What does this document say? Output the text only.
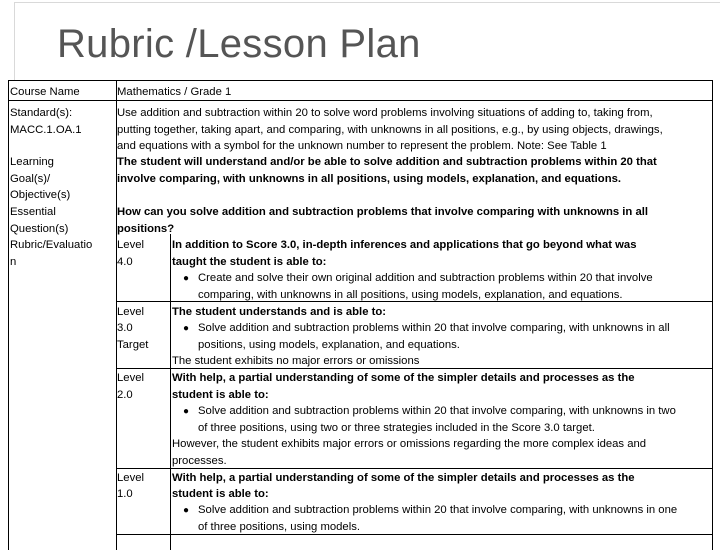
Rubric /Lesson Plan
Course Name	Mathematics / Grade 1
Standard(s):
MACC.1.OA.1
Use addition and subtraction within 20 to solve word problems involving situations of adding to, taking from,
putting together, taking apart, and comparing, with unknowns in all positions, e.g., by using objects, drawings,
and equations with a symbol for the unknown number to represent the problem. Note: See Table 1
Learning
Goal(s)/
Objective(s)
The student will understand and/or be able to solve addition and subtraction problems within 20 that
involve comparing, with unknowns in all positions, using models, explanation, and equations.
Essential
Question(s)
How can you solve addition and subtraction problems that involve comparing with unknowns in all
positions?
Rubric/Evaluatio
n
Level
4.0
In addition to Score 3.0, in-depth inferences and applications that go beyond what was
taught the student is able to:
● Create and solve their own original addition and subtraction problems within 20 that involve
comparing, with unknowns in all positions, using models, explanation, and equations.
Level
3.0
Target
The student understands and is able to:
● Solve addition and subtraction problems within 20 that involve comparing, with unknowns in all
positions, using models, explanation, and equations.
The student exhibits no major errors or omissions
Level
2.0
With help, a partial understanding of some of the simpler details and processes as the
student is able to:
● Solve addition and subtraction problems within 20 that involve comparing, with unknowns in two
of three positions, using two or three strategies included in the Score 3.0 target.
However, the student exhibits major errors or omissions regarding the more complex ideas and
processes.
Level
1.0
With help, a partial understanding of some of the simpler details and processes as the
student is able to:
● Solve addition and subtraction problems within 20 that involve comparing, with unknowns in one
of three positions, using models.
